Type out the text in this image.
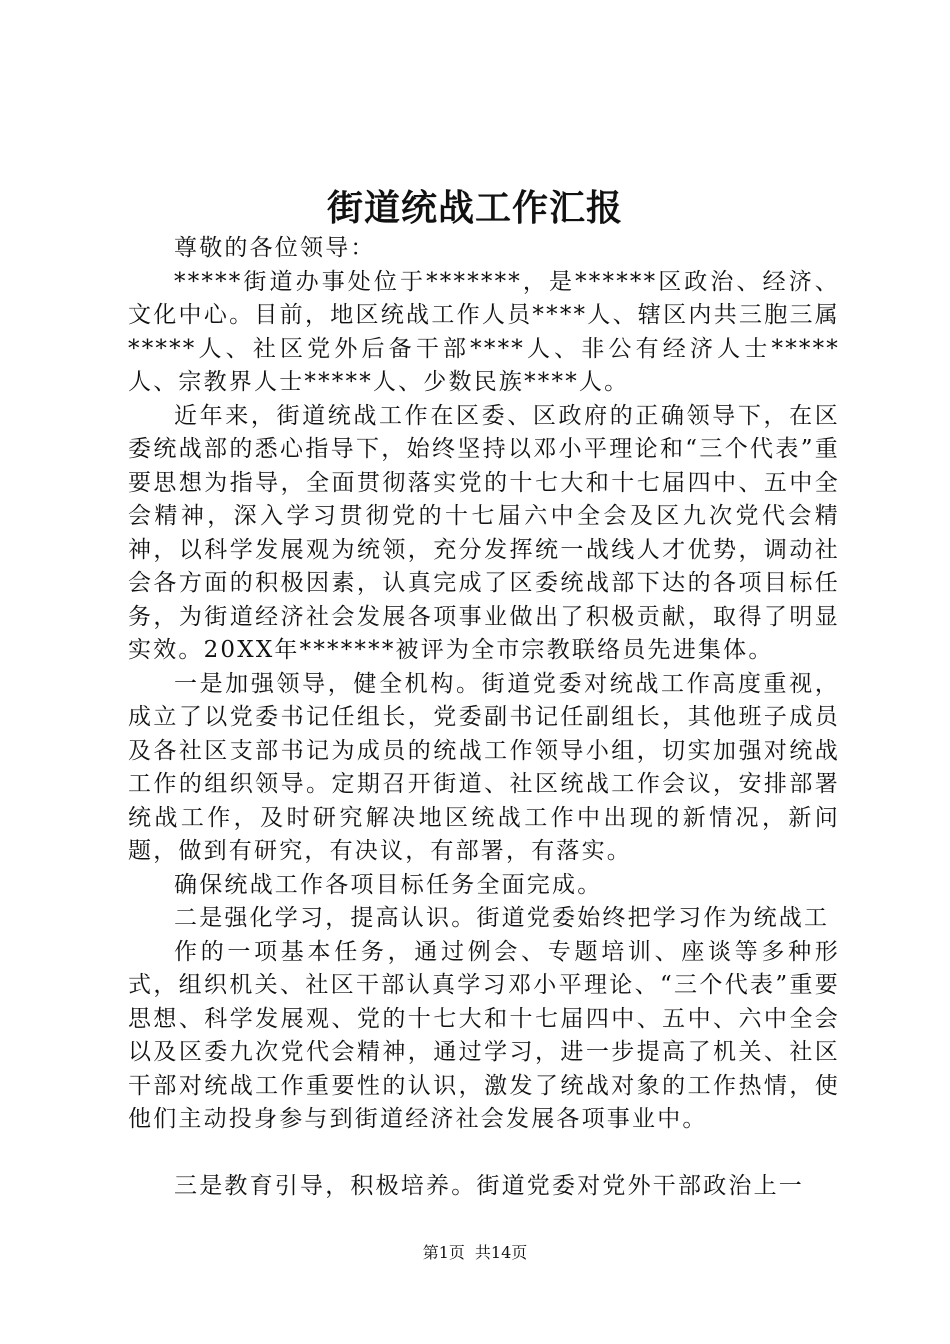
街道统战工作汇报

尊敬的各位领导：

*****街道办事处位于*******，是******区政治、经济、文化中心。目前，地区统战工作人员****人、辖区内共三胞三属*****人、社区党外后备干部****人、非公有经济人士*****人、宗教界人士*****人、少数民族****人。

近年来，街道统战工作在区委、区政府的正确领导下，在区委统战部的悉心指导下，始终坚持以邓小平理论和“三个代表”重要思想为指导，全面贯彻落实党的十七大和十七届四中、五中全会精神，深入学习贯彻党的十七届六中全会及区九次党代会精神，以科学发展观为统领，充分发挥统一战线人才优势，调动社会各方面的积极因素，认真完成了区委统战部下达的各项目标任务，为街道经济社会发展各项事业做出了积极贡献，取得了明显实效。20XX年*******被评为全市宗教联络员先进集体。

一是加强领导，健全机构。街道党委对统战工作高度重视，成立了以党委书记任组长，党委副书记任副组长，其他班子成员及各社区支部书记为成员的统战工作领导小组，切实加强对统战工作的组织领导。定期召开街道、社区统战工作会议，安排部署统战工作，及时研究解决地区统战工作中出现的新情况，新问题，做到有研究，有决议，有部署，有落实。

确保统战工作各项目标任务全面完成。

二是强化学习，提高认识。街道党委始终把学习作为统战工

作的一项基本任务，通过例会、专题培训、座谈等多种形式，组织机关、社区干部认真学习邓小平理论、“三个代表”重要思想、科学发展观、党的十七大和十七届四中、五中、六中全会以及区委九次党代会精神，通过学习，进一步提高了机关、社区干部对统战工作重要性的认识，激发了统战对象的工作热情，使他们主动投身参与到街道经济社会发展各项事业中。

三是教育引导，积极培养。街道党委对党外干部政治上一

第1页 共14页
